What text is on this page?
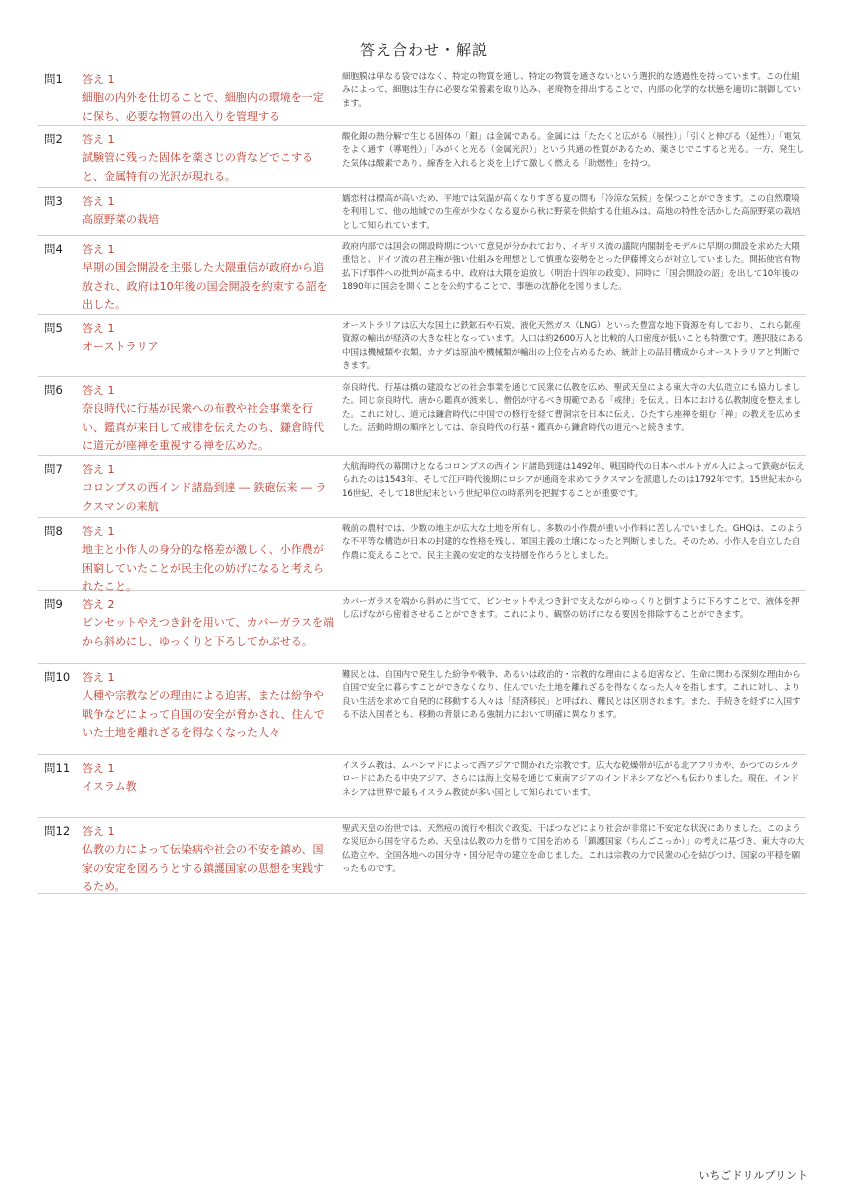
答え合わせ・解説
問1	答え 1
細胞の内外を仕切ることで、細胞内の環境を一定に保ち、必要な物質の出入りを管理する
細胞膜は単なる袋ではなく、特定の物質を通し、特定の物質を通さないという選択的な透過性を持っています。この仕組みによって、細胞は生存に必要な栄養素を取り込み、老廃物を排出することで、内部の化学的な状態を適切に制御しています。
問2	答え 1
試験管に残った固体を薬さじの背などでこすると、金属特有の光沢が現れる。
酸化銀の熱分解で生じる固体の「銀」は金属である。金属には「たたくと広がる（展性）」「引くと伸びる（延性）」「電気をよく通す（導電性）」「みがくと光る（金属光沢）」という共通の性質があるため、薬さじでこすると光る。一方、発生した気体は酸素であり、線香を入れると炎を上げて激しく燃える「助燃性」を持つ。
問3	答え 1
高原野菜の栽培
嬬恋村は標高が高いため、平地では気温が高くなりすぎる夏の間も「冷涼な気候」を保つことができます。この自然環境を利用して、他の地域での生産が少なくなる夏から秋に野菜を供給する仕組みは、高地の特性を活かした高原野菜の栽培として知られています。
問4	答え 1
早期の国会開設を主張した大隈重信が政府から追放され、政府は10年後の国会開設を約束する詔を出した。
政府内部では国会の開設時期について意見が分かれており、イギリス流の議院内閣制をモデルに早期の開設を求めた大隈重信と、ドイツ流の君主権が強い仕組みを理想として慎重な姿勢をとった伊藤博文らが対立していました。開拓使官有物払下げ事件への批判が高まる中、政府は大隈を追放し（明治十四年の政変）、同時に「国会開設の詔」を出して10年後の1890年に国会を開くことを公約することで、事態の沈静化を図りました。
問5	答え 1
オーストラリア
オーストラリアは広大な国土に鉄鉱石や石炭、液化天然ガス（LNG）といった豊富な地下資源を有しており、これら鉱産資源の輸出が経済の大きな柱となっています。人口は約2600万人と比較的人口密度が低いことも特徴です。選択肢にある中国は機械類や衣類、カナダは原油や機械類が輸出の上位を占めるため、統計上の品目構成からオーストラリアと判断できます。
問6	答え 1
奈良時代に行基が民衆への布教や社会事業を行い、鑑真が来日して戒律を伝えたのち、鎌倉時代に道元が座禅を重視する禅を広めた。
奈良時代、行基は橋の建設などの社会事業を通じて民衆に仏教を広め、聖武天皇による東大寺の大仏造立にも協力しました。同じ奈良時代、唐から鑑真が渡来し、僧侶が守るべき規範である「戒律」を伝え、日本における仏教制度を整えました。これに対し、道元は鎌倉時代に中国での修行を経て曹洞宗を日本に伝え、ひたすら座禅を組む「禅」の教えを広めました。活動時期の順序としては、奈良時代の行基・鑑真から鎌倉時代の道元へと続きます。
問7	答え 1
コロンブスの西インド諸島到達 ― 鉄砲伝来 ― ラクスマンの来航
大航海時代の幕開けとなるコロンブスの西インド諸島到達は1492年、戦国時代の日本へポルトガル人によって鉄砲が伝えられたのは1543年、そして江戸時代後期にロシアが通商を求めてラクスマンを派遣したのは1792年です。15世紀末から16世紀、そして18世紀末という世紀単位の時系列を把握することが重要です。
問8	答え 1
地主と小作人の身分的な格差が激しく、小作農が困窮していたことが民主化の妨げになると考えられたこと。
戦前の農村では、少数の地主が広大な土地を所有し、多数の小作農が重い小作料に苦しんでいました。GHQは、このような不平等な構造が日本の封建的な性格を残し、軍国主義の土壌になったと判断しました。そのため、小作人を自立した自作農に変えることで、民主主義の安定的な支持層を作ろうとしました。
問9	答え 2
ピンセットやえつき針を用いて、カバーガラスを端から斜めにし、ゆっくりと下ろしてかぶせる。
カバーガラスを端から斜めに当てて、ピンセットやえつき針で支えながらゆっくりと倒すように下ろすことで、液体を押し広げながら密着させることができます。これにより、観察の妨げになる要因を排除することができます。
問10	答え 1
人種や宗教などの理由による迫害、または紛争や戦争などによって自国の安全が脅かされ、住んでいた土地を離れざるを得なくなった人々
難民とは、自国内で発生した紛争や戦争、あるいは政治的・宗教的な理由による迫害など、生命に関わる深刻な理由から自国で安全に暮らすことができなくなり、住んでいた土地を離れざるを得なくなった人々を指します。これに対し、より良い生活を求めて自発的に移動する人々は「経済移民」と呼ばれ、難民とは区別されます。また、手続きを経ずに入国する不法入国者とも、移動の背景にある強制力において明確に異なります。
問11	答え 1
イスラム教
イスラム教は、ムハンマドによって西アジアで開かれた宗教です。広大な乾燥帯が広がる北アフリカや、かつてのシルクロードにあたる中央アジア、さらには海上交易を通じて東南アジアのインドネシアなどへも伝わりました。現在、インドネシアは世界で最もイスラム教徒が多い国として知られています。
問12	答え 1
仏教の力によって伝染病や社会の不安を鎮め、国家の安定を図ろうとする鎮護国家の思想を実践するため。
聖武天皇の治世では、天然痘の流行や相次ぐ政変、干ばつなどにより社会が非常に不安定な状況にありました。このような災厄から国を守るため、天皇は仏教の力を借りて国を治める「鎮護国家（ちんごこっか）」の考えに基づき、東大寺の大仏造立や、全国各地への国分寺・国分尼寺の建立を命じました。これは宗教の力で民衆の心を結びつけ、国家の平穏を願ったものです。
いちごドリルプリント
